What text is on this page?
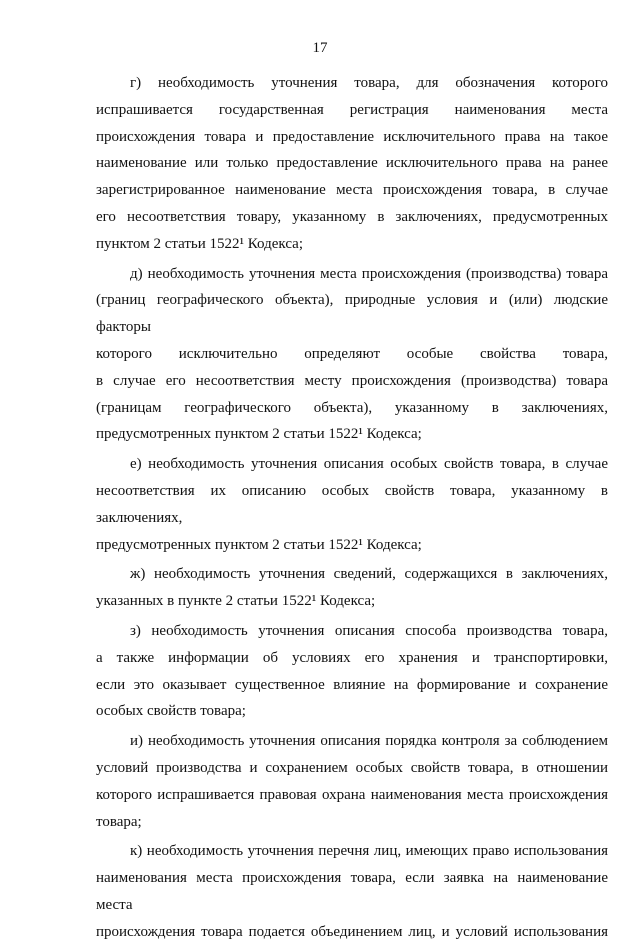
17

г) необходимость уточнения товара, для обозначения которого
испрашивается государственная регистрация наименования места
происхождения товара и предоставление исключительного права на такое
наименование или только предоставление исключительного права на ранее
зарегистрированное наименование места происхождения товара, в случае
его несоответствия товару, указанному в заключениях, предусмотренных
пунктом 2 статьи 1522¹ Кодекса;

д) необходимость уточнения места происхождения (производства) товара
(границ географического объекта), природные условия и (или) людские факторы
которого исключительно определяют особые свойства товара,
в случае его несоответствия месту происхождения (производства) товара
(границам географического объекта), указанному в заключениях,
предусмотренных пунктом 2 статьи 1522¹ Кодекса;

е) необходимость уточнения описания особых свойств товара, в случае
несоответствия их описанию особых свойств товара, указанному в заключениях,
предусмотренных пунктом 2 статьи 1522¹ Кодекса;

ж) необходимость уточнения сведений, содержащихся в заключениях,
указанных в пункте 2 статьи 1522¹ Кодекса;

з) необходимость уточнения описания способа производства товара,
а также информации об условиях его хранения и транспортировки,
если это оказывает существенное влияние на формирование и сохранение
особых свойств товара;

и) необходимость уточнения описания порядка контроля за соблюдением
условий производства и сохранением особых свойств товара, в отношении
которого испрашивается правовая охрана наименования места происхождения
товара;

к) необходимость уточнения перечня лиц, имеющих право использования
наименования места происхождения товара, если заявка на наименование места
происхождения товара подается объединением лиц, и условий использования
